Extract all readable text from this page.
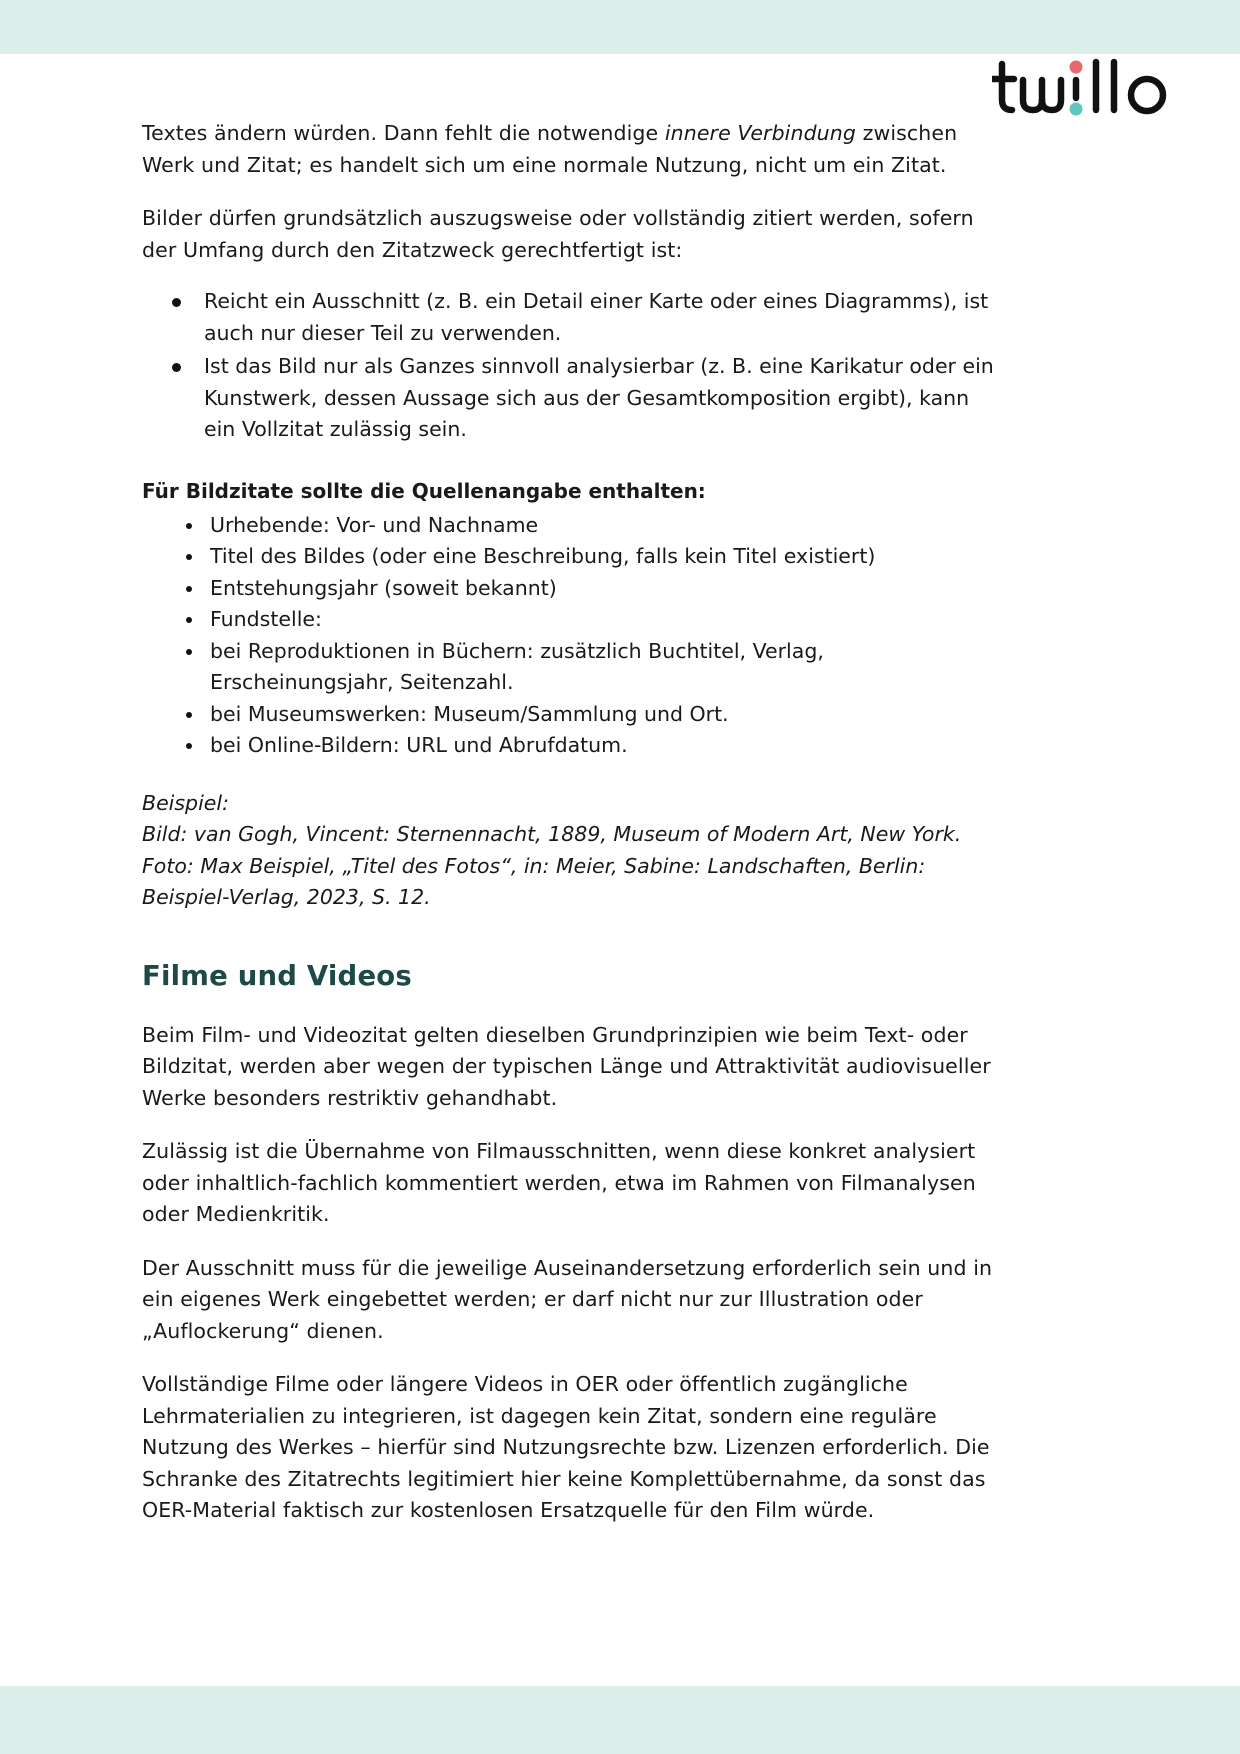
Textes ändern würden. Dann fehlt die notwendige innere Verbindung zwischen Werk und Zitat; es handelt sich um eine normale Nutzung, nicht um ein Zitat.

Bilder dürfen grundsätzlich auszugsweise oder vollständig zitiert werden, sofern der Umfang durch den Zitatzweck gerechtfertigt ist:

Reicht ein Ausschnitt (z. B. ein Detail einer Karte oder eines Diagramms), ist auch nur dieser Teil zu verwenden.
Ist das Bild nur als Ganzes sinnvoll analysierbar (z. B. eine Karikatur oder ein Kunstwerk, dessen Aussage sich aus der Gesamtkomposition ergibt), kann ein Vollzitat zulässig sein.

Für Bildzitate sollte die Quellenangabe enthalten:

Urhebende: Vor- und Nachname
Titel des Bildes (oder eine Beschreibung, falls kein Titel existiert)
Entstehungsjahr (soweit bekannt)
Fundstelle:
bei Reproduktionen in Büchern: zusätzlich Buchtitel, Verlag, Erscheinungsjahr, Seitenzahl.
bei Museumswerken: Museum/Sammlung und Ort.
bei Online-Bildern: URL und Abrufdatum.
Beispiel:
Bild: van Gogh, Vincent: Sternennacht, 1889, Museum of Modern Art, New York.
Foto: Max Beispiel, „Titel des Fotos“, in: Meier, Sabine: Landschaften, Berlin:
Beispiel-Verlag, 2023, S. 12.
Filme und Videos

Beim Film- und Videozitat gelten dieselben Grundprinzipien wie beim Text- oder Bildzitat, werden aber wegen der typischen Länge und Attraktivität audiovisueller Werke besonders restriktiv gehandhabt.

Zulässig ist die Übernahme von Filmausschnitten, wenn diese konkret analysiert oder inhaltlich-fachlich kommentiert werden, etwa im Rahmen von Filmanalysen oder Medienkritik.

Der Ausschnitt muss für die jeweilige Auseinandersetzung erforderlich sein und in ein eigenes Werk eingebettet werden; er darf nicht nur zur Illustration oder „Auflockerung“ dienen.

Vollständige Filme oder längere Videos in OER oder öffentlich zugängliche Lehrmaterialien zu integrieren, ist dagegen kein Zitat, sondern eine reguläre Nutzung des Werkes – hierfür sind Nutzungsrechte bzw. Lizenzen erforderlich. Die Schranke des Zitatrechts legitimiert hier keine Komplettübernahme, da sonst das OER-Material faktisch zur kostenlosen Ersatzquelle für den Film würde.
